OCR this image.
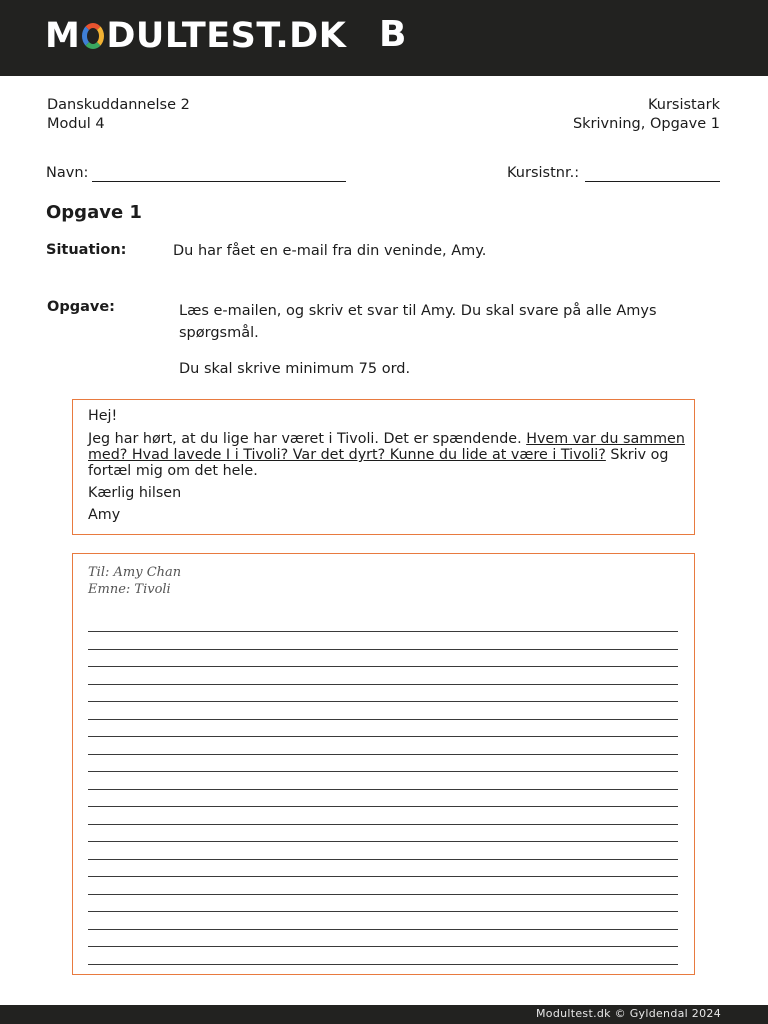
M DULTEST.DK B
Danskuddannelse 2
Modul 4
Kursistark
Skrivning, Opgave 1
Navn:	Kursistnr.:
Opgave 1
Situation:	Du har fået en e-mail fra din veninde, Amy.
Opgave:	Læs e-mailen, og skriv et svar til Amy. Du skal svare på alle Amys
spørgsmål.
Du skal skrive minimum 75 ord.

Hej!

Jeg har hørt, at du lige har været i Tivoli. Det er spændende. Hvem var du sammen

med? Hvad lavede I i Tivoli? Var det dyrt? Kunne du lide at være i Tivoli? Skriv og

fortæl mig om det hele.

Kærlig hilsen

Amy

Til: Amy Chan
Emne: Tivoli
Modultest.dk © Gyldendal 2024
